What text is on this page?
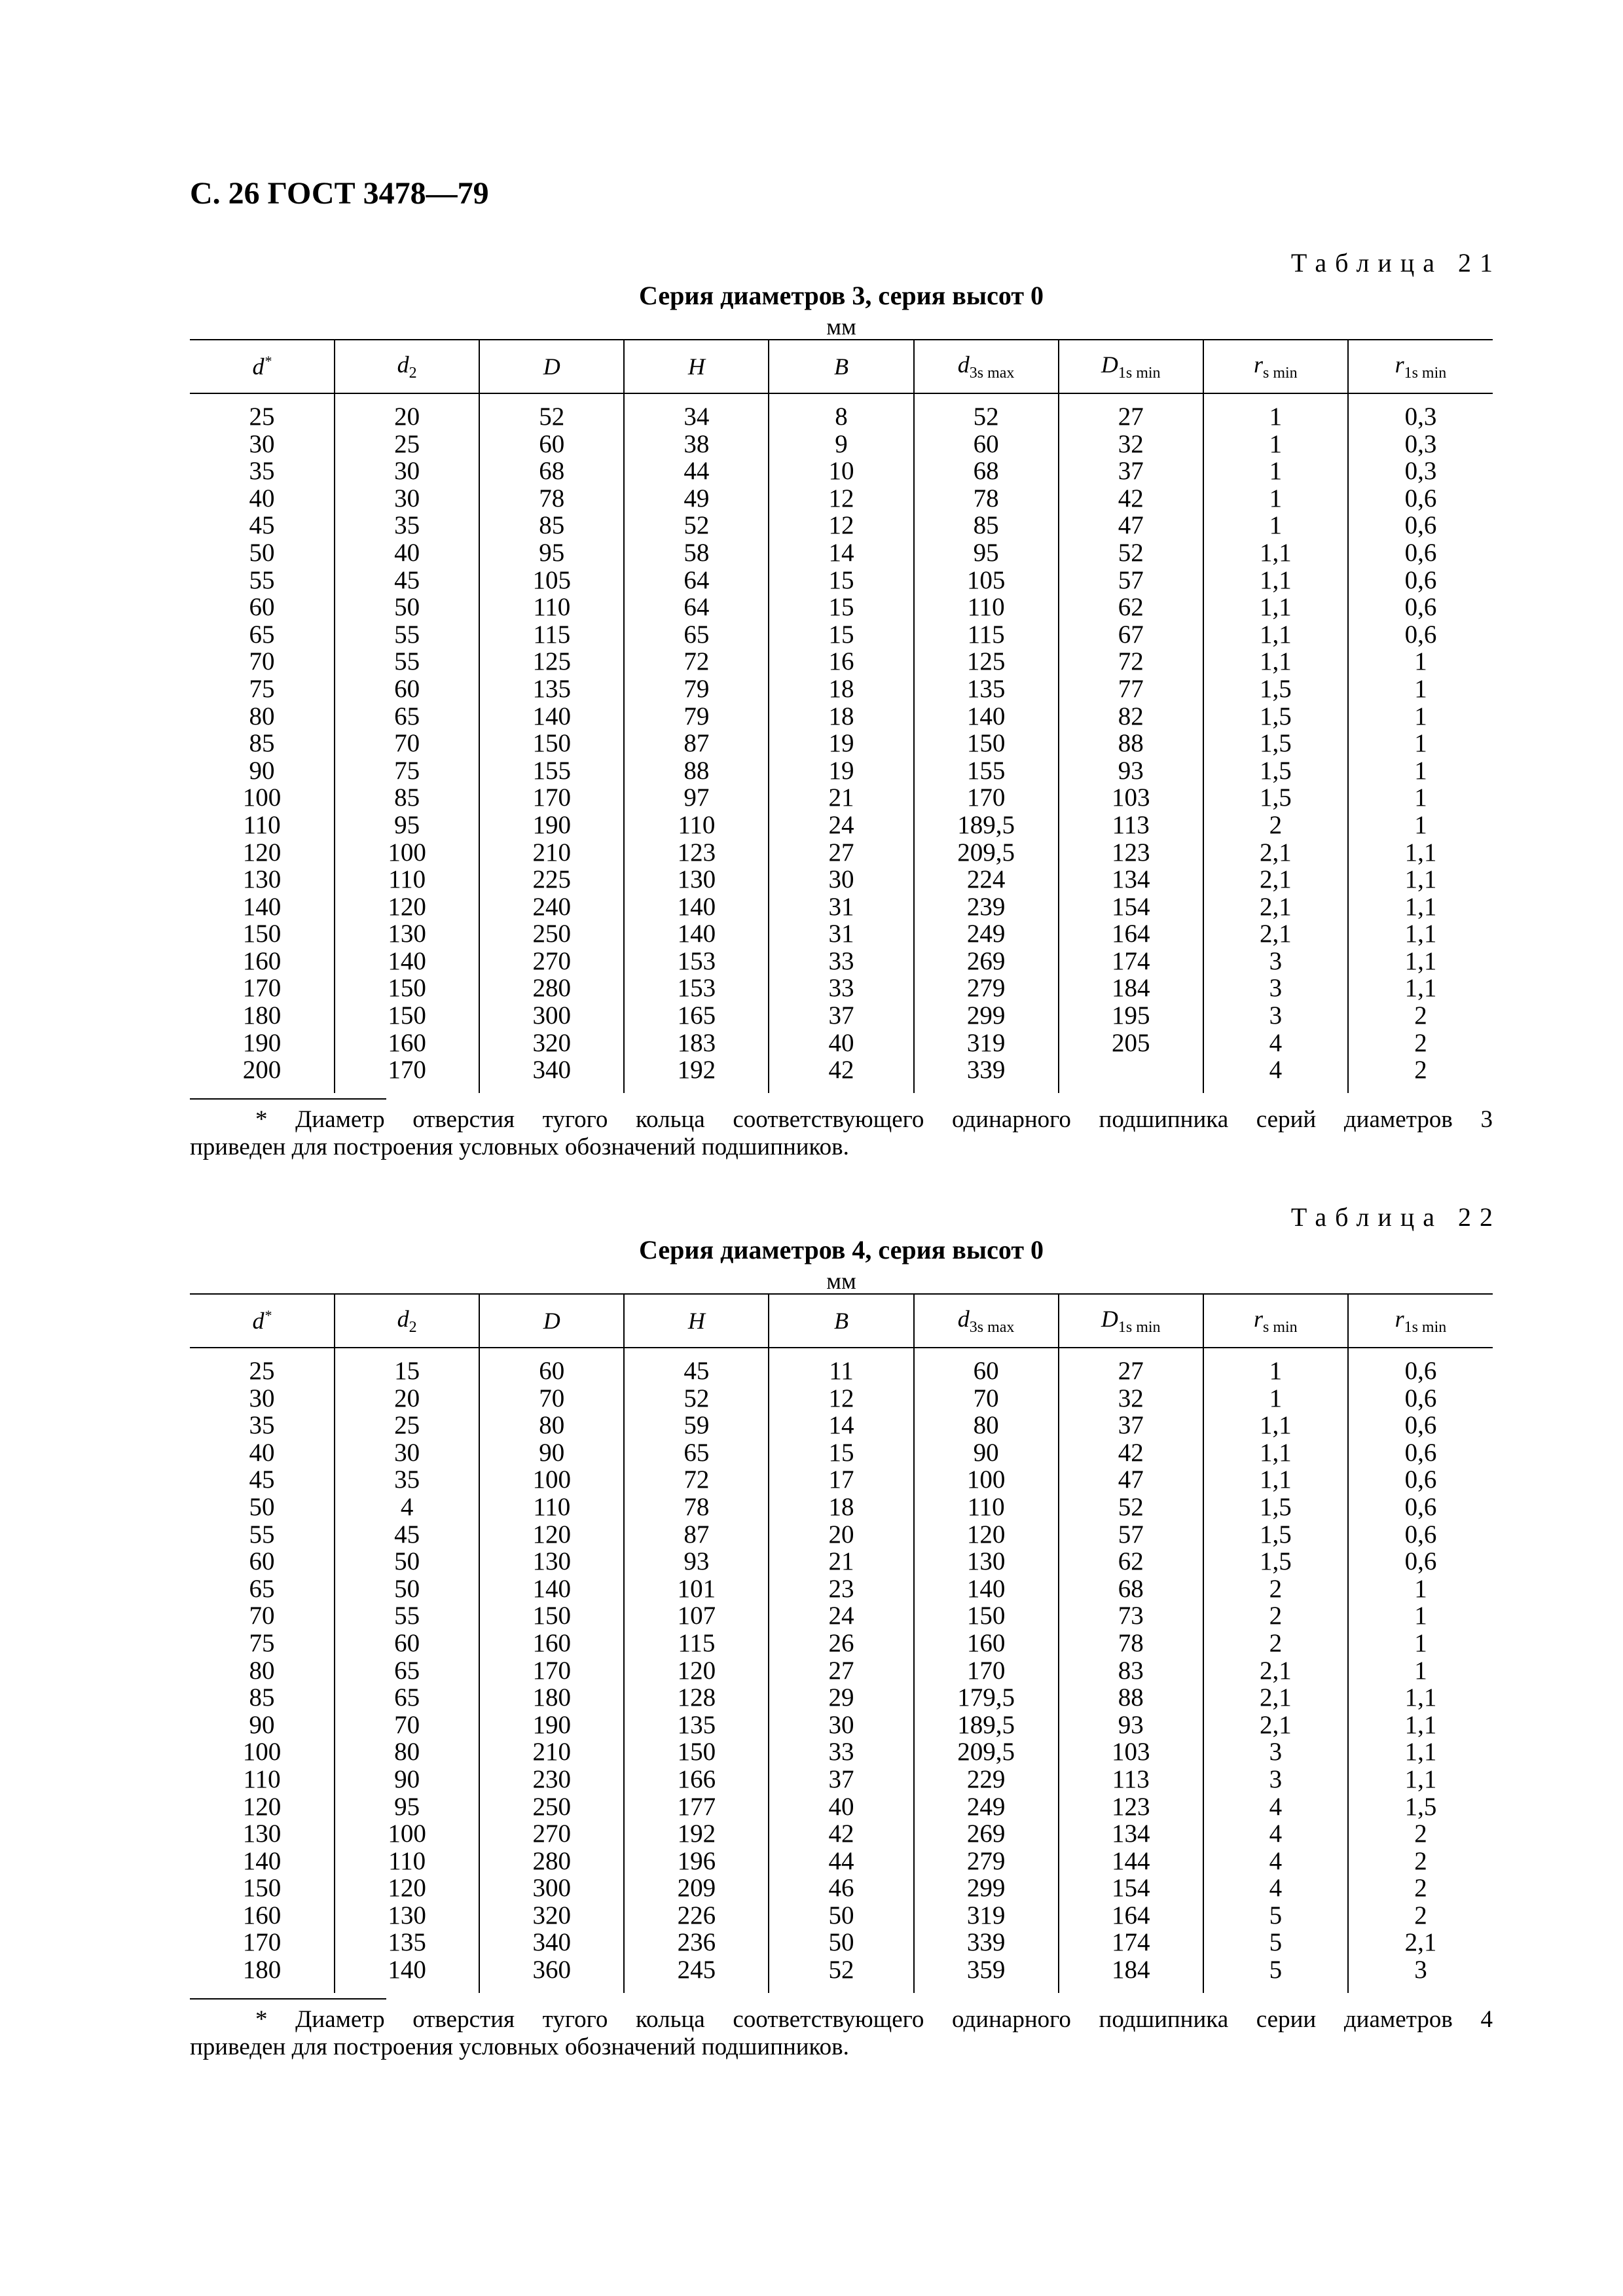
С. 26 ГОСТ 3478—79
Таблица 21
Серия диаметров 3, серия высот 0
мм
d*	$d_2$	D	H	B	$d_{3s max}$	$D_{1s min}$	$r_{s min}$	$r_{1s min}$

25	20	52	34	8	52	27	1	0,3
30	25	60	38	9	60	32	1	0,3
35	30	68	44	10	68	37	1	0,3
40	30	78	49	12	78	42	1	0,6
45	35	85	52	12	85	47	1	0,6
50	40	95	58	14	95	52	1,1	0,6
55	45	105	64	15	105	57	1,1	0,6
60	50	110	64	15	110	62	1,1	0,6
65	55	115	65	15	115	67	1,1	0,6
70	55	125	72	16	125	72	1,1	1
75	60	135	79	18	135	77	1,5	1
80	65	140	79	18	140	82	1,5	1
85	70	150	87	19	150	88	1,5	1
90	75	155	88	19	155	93	1,5	1
100	85	170	97	21	170	103	1,5	1
110	95	190	110	24	189,5	113	2	1
120	100	210	123	27	209,5	123	2,1	1,1
130	110	225	130	30	224	134	2,1	1,1
140	120	240	140	31	239	154	2,1	1,1
150	130	250	140	31	249	164	2,1	1,1
160	140	270	153	33	269	174	3	1,1
170	150	280	153	33	279	184	3	1,1
180	150	300	165	37	299	195	3	2
190	160	320	183	40	319	205	4	2
200	170	340	192	42	339		4	2

* Диаметр отверстия тугого кольца соответствующего одинарного подшипника серий диаметров 3
приведен для построения условных обозначений подшипников.
Таблица 22
Серия диаметров 4, серия высот 0
мм
d*	$d_2$	D	H	B	$d_{3s max}$	$D_{1s min}$	$r_{s min}$	$r_{1s min}$

25	15	60	45	11	60	27	1	0,6
30	20	70	52	12	70	32	1	0,6
35	25	80	59	14	80	37	1,1	0,6
40	30	90	65	15	90	42	1,1	0,6
45	35	100	72	17	100	47	1,1	0,6
50	4	110	78	18	110	52	1,5	0,6
55	45	120	87	20	120	57	1,5	0,6
60	50	130	93	21	130	62	1,5	0,6
65	50	140	101	23	140	68	2	1
70	55	150	107	24	150	73	2	1
75	60	160	115	26	160	78	2	1
80	65	170	120	27	170	83	2,1	1
85	65	180	128	29	179,5	88	2,1	1,1
90	70	190	135	30	189,5	93	2,1	1,1
100	80	210	150	33	209,5	103	3	1,1
110	90	230	166	37	229	113	3	1,1
120	95	250	177	40	249	123	4	1,5
130	100	270	192	42	269	134	4	2
140	110	280	196	44	279	144	4	2
150	120	300	209	46	299	154	4	2
160	130	320	226	50	319	164	5	2
170	135	340	236	50	339	174	5	2,1
180	140	360	245	52	359	184	5	3

* Диаметр отверстия тугого кольца соответствующего одинарного подшипника серии диаметров 4
приведен для построения условных обозначений подшипников.
